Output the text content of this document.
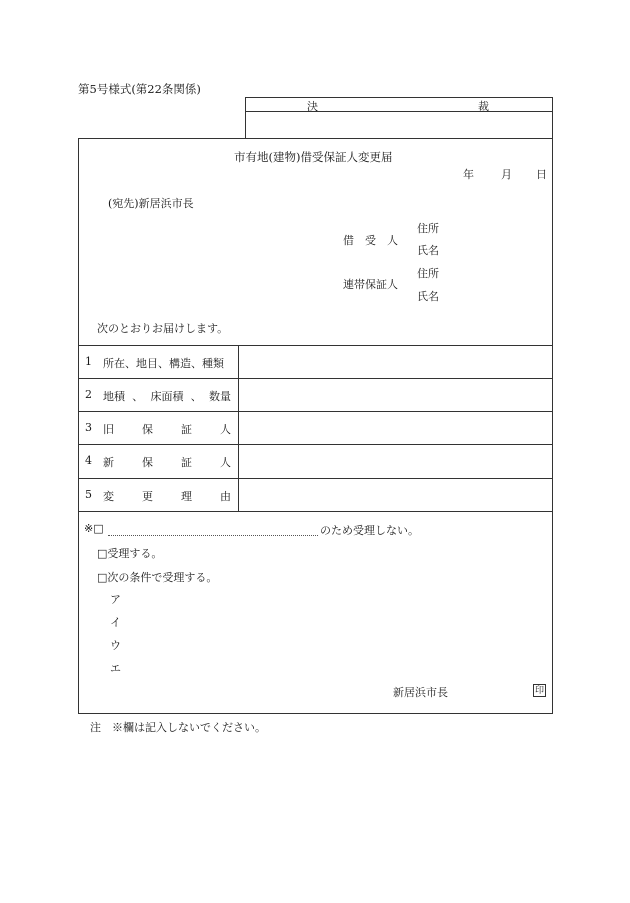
第5号様式(第22条関係)
決	裁
市有地(建物)借受保証人変更届
年 月 日
(宛先)新居浜市長
借　受　人
住所
氏名
連帯保証人
住所
氏名
次のとおりお届けします。
1 所在、地目、構造、種類
2 地積 、 床面積 、 数量
3 旧	保	証	人
4 新	保	証	人
5 変	更	理	由
※□	のため受理しない。
□受理する。
□次の条件で受理する。
ア
イ
ウ
エ
新居浜市長	印
注　※欄は記入しないでください。
